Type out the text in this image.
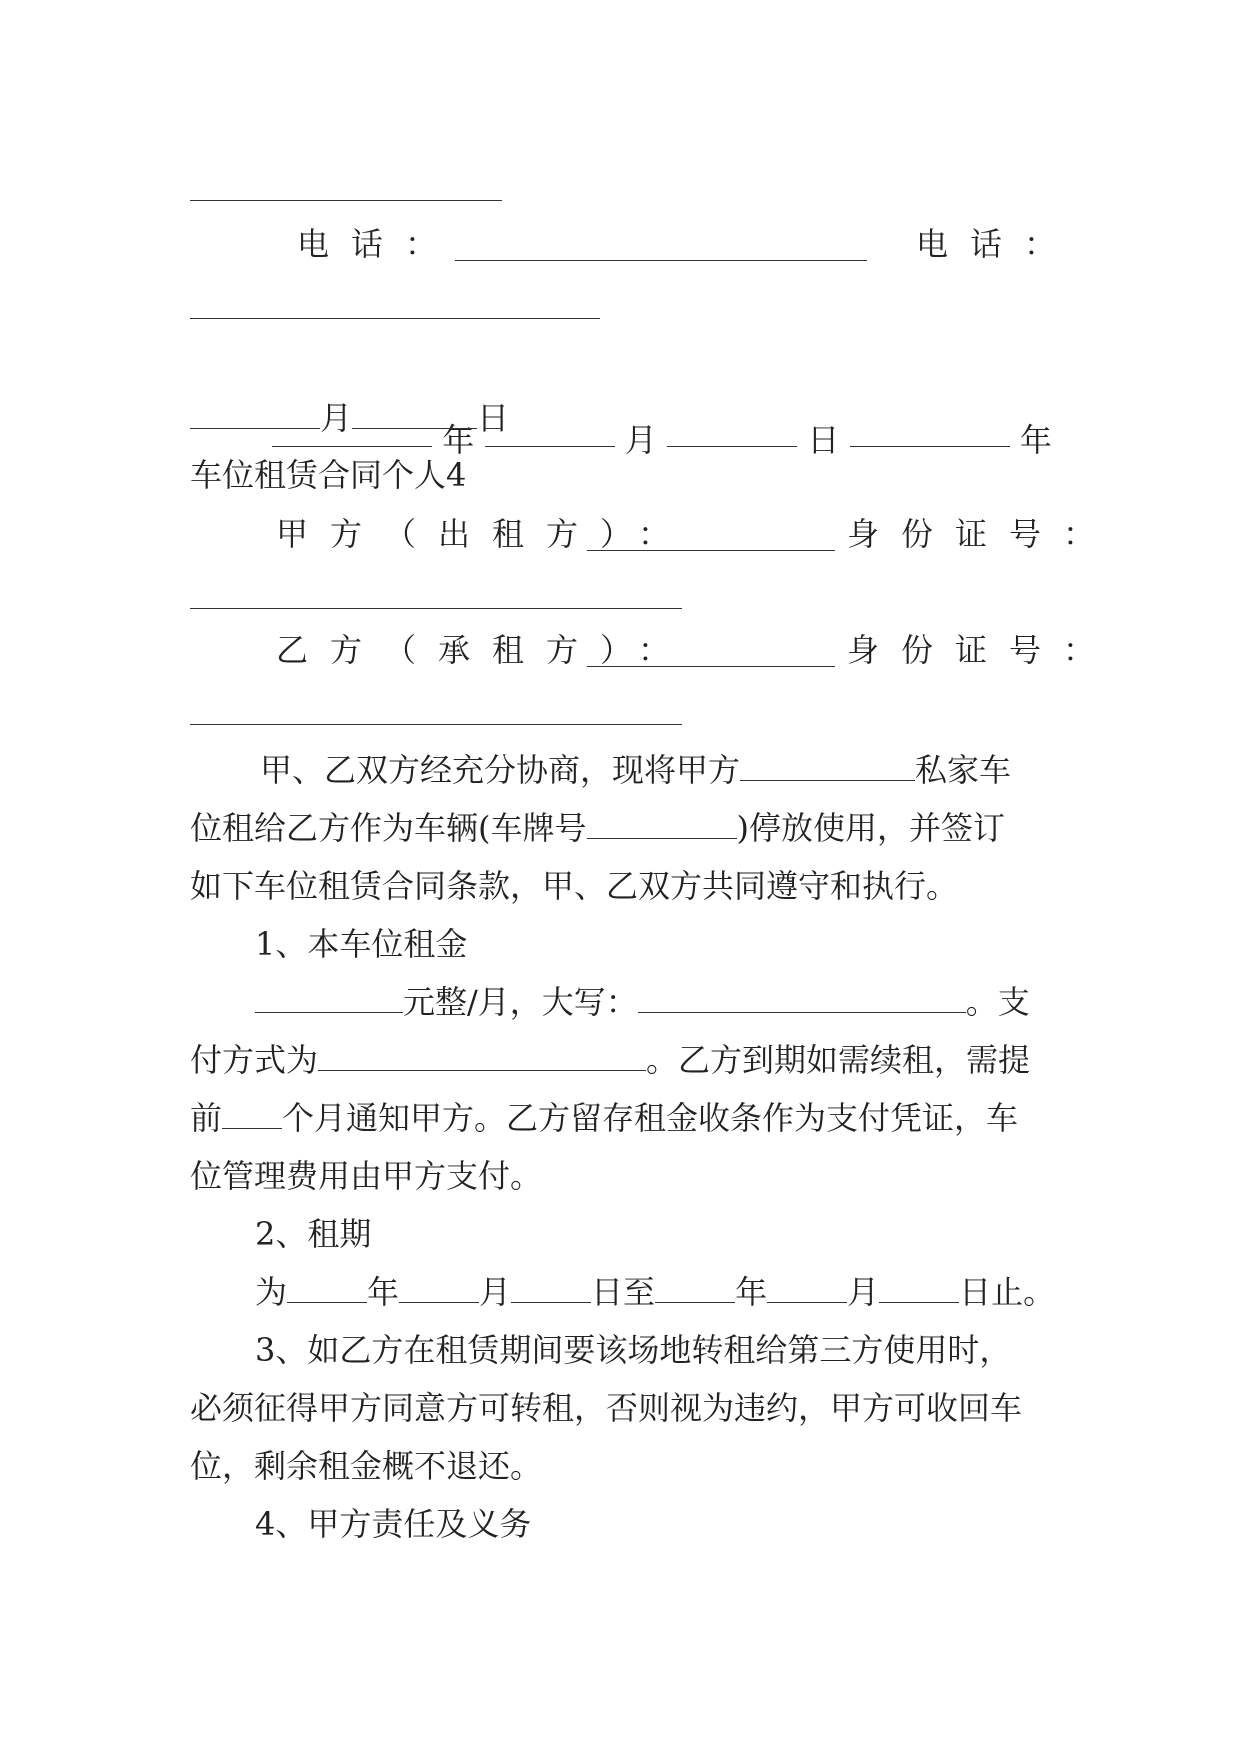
电话：	电话：

年	月	日	年

月	日
车位租赁合同个人4
甲方（出租方）：	身份证号：
乙方（承租方）：	身份证号：
甲、乙双方经充分协商，现将甲方	私家车
位租给乙方作为车辆(车牌号	)停放使用，并签订
如下车位租赁合同条款，甲、乙双方共同遵守和执行。
1、本车位租金
元整/月，大写：	。支
付方式为	。乙方到期如需续租，需提
前 个月通知甲方。乙方留存租金收条作为支付凭证，车
位管理费用由甲方支付。
2、租期
为	年	月	日至	年	月	日止。
3、如乙方在租赁期间要该场地转租给第三方使用时，
必须征得甲方同意方可转租，否则视为违约，甲方可收回车
位，剩余租金概不退还。
4、甲方责任及义务
